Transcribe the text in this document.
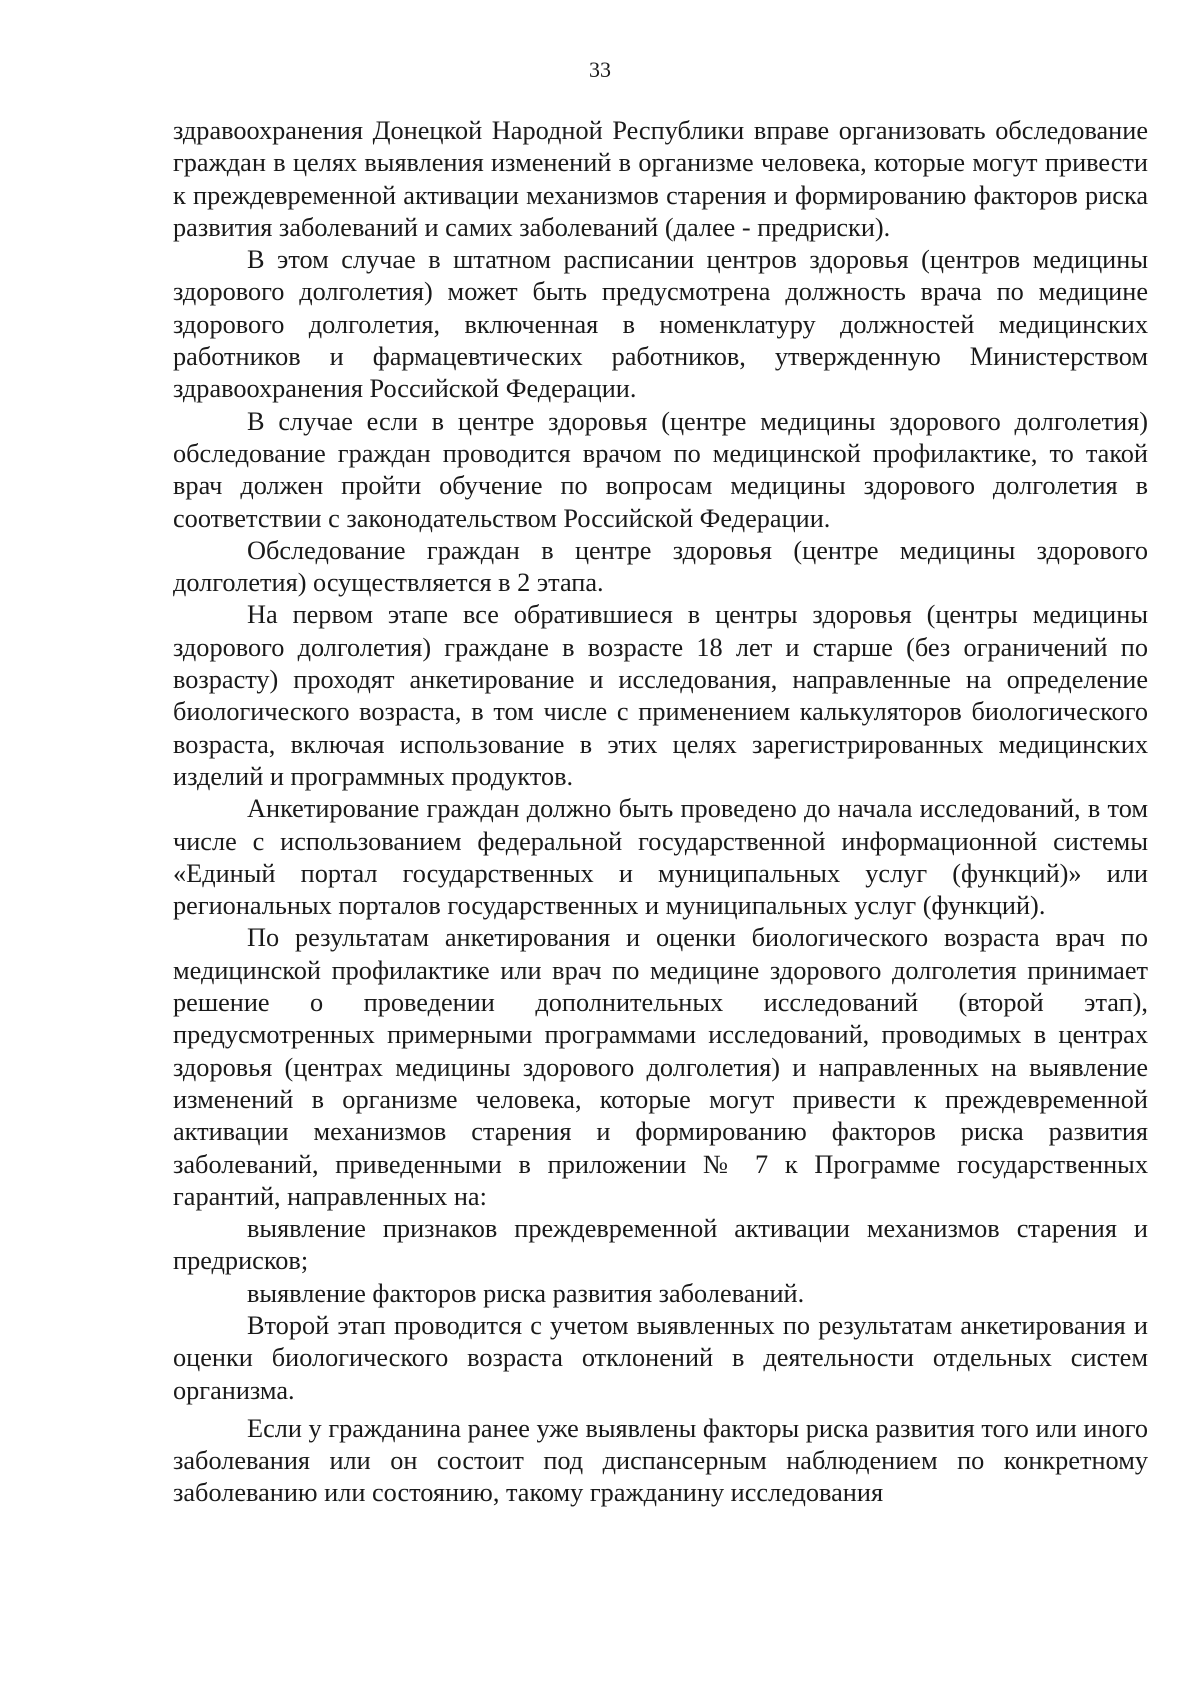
33

здравоохранения Донецкой Народной Республики вправе организовать обследование граждан в целях выявления изменений в организме человека, которые могут привести к преждевременной активации механизмов старения и формированию факторов риска развития заболеваний и самих заболеваний (далее - предриски).

В этом случае в штатном расписании центров здоровья (центров медицины здорового долголетия) может быть предусмотрена должность врача по медицине здорового долголетия, включенная в номенклатуру должностей медицинских работников и фармацевтических работников, утвержденную Министерством здравоохранения Российской Федерации.

В случае если в центре здоровья (центре медицины здорового долголетия) обследование граждан проводится врачом по медицинской профилактике, то такой врач должен пройти обучение по вопросам медицины здорового долголетия в соответствии с законодательством Российской Федерации.

Обследование граждан в центре здоровья (центре медицины здорового долголетия) осуществляется в 2 этапа.

На первом этапе все обратившиеся в центры здоровья (центры медицины здорового долголетия) граждане в возрасте 18 лет и старше (без ограничений по возрасту) проходят анкетирование и исследования, направленные на определение биологического возраста, в том числе с применением калькуляторов биологического возраста, включая использование в этих целях зарегистрированных медицинских изделий и программных продуктов.

Анкетирование граждан должно быть проведено до начала исследований, в том числе с использованием федеральной государственной информационной системы «Единый портал государственных и муниципальных услуг (функций)» или региональных порталов государственных и муниципальных услуг (функций).

По результатам анкетирования и оценки биологического возраста врач по медицинской профилактике или врач по медицине здорового долголетия принимает решение о проведении дополнительных исследований (второй этап), предусмотренных примерными программами исследований, проводимых в центрах здоровья (центрах медицины здорового долголетия) и направленных на выявление изменений в организме человека, которые могут привести к преждевременной активации механизмов старения и формированию факторов риска развития заболеваний, приведенными в приложении № 7 к Программе государственных гарантий, направленных на:

выявление признаков преждевременной активации механизмов старения и предрисков;

выявление факторов риска развития заболеваний.

Второй этап проводится с учетом выявленных по результатам анкетирования и оценки биологического возраста отклонений в деятельности отдельных систем организма.

Если у гражданина ранее уже выявлены факторы риска развития того или иного заболевания или он состоит под диспансерным наблюдением по конкретному заболеванию или состоянию, такому гражданину исследования
